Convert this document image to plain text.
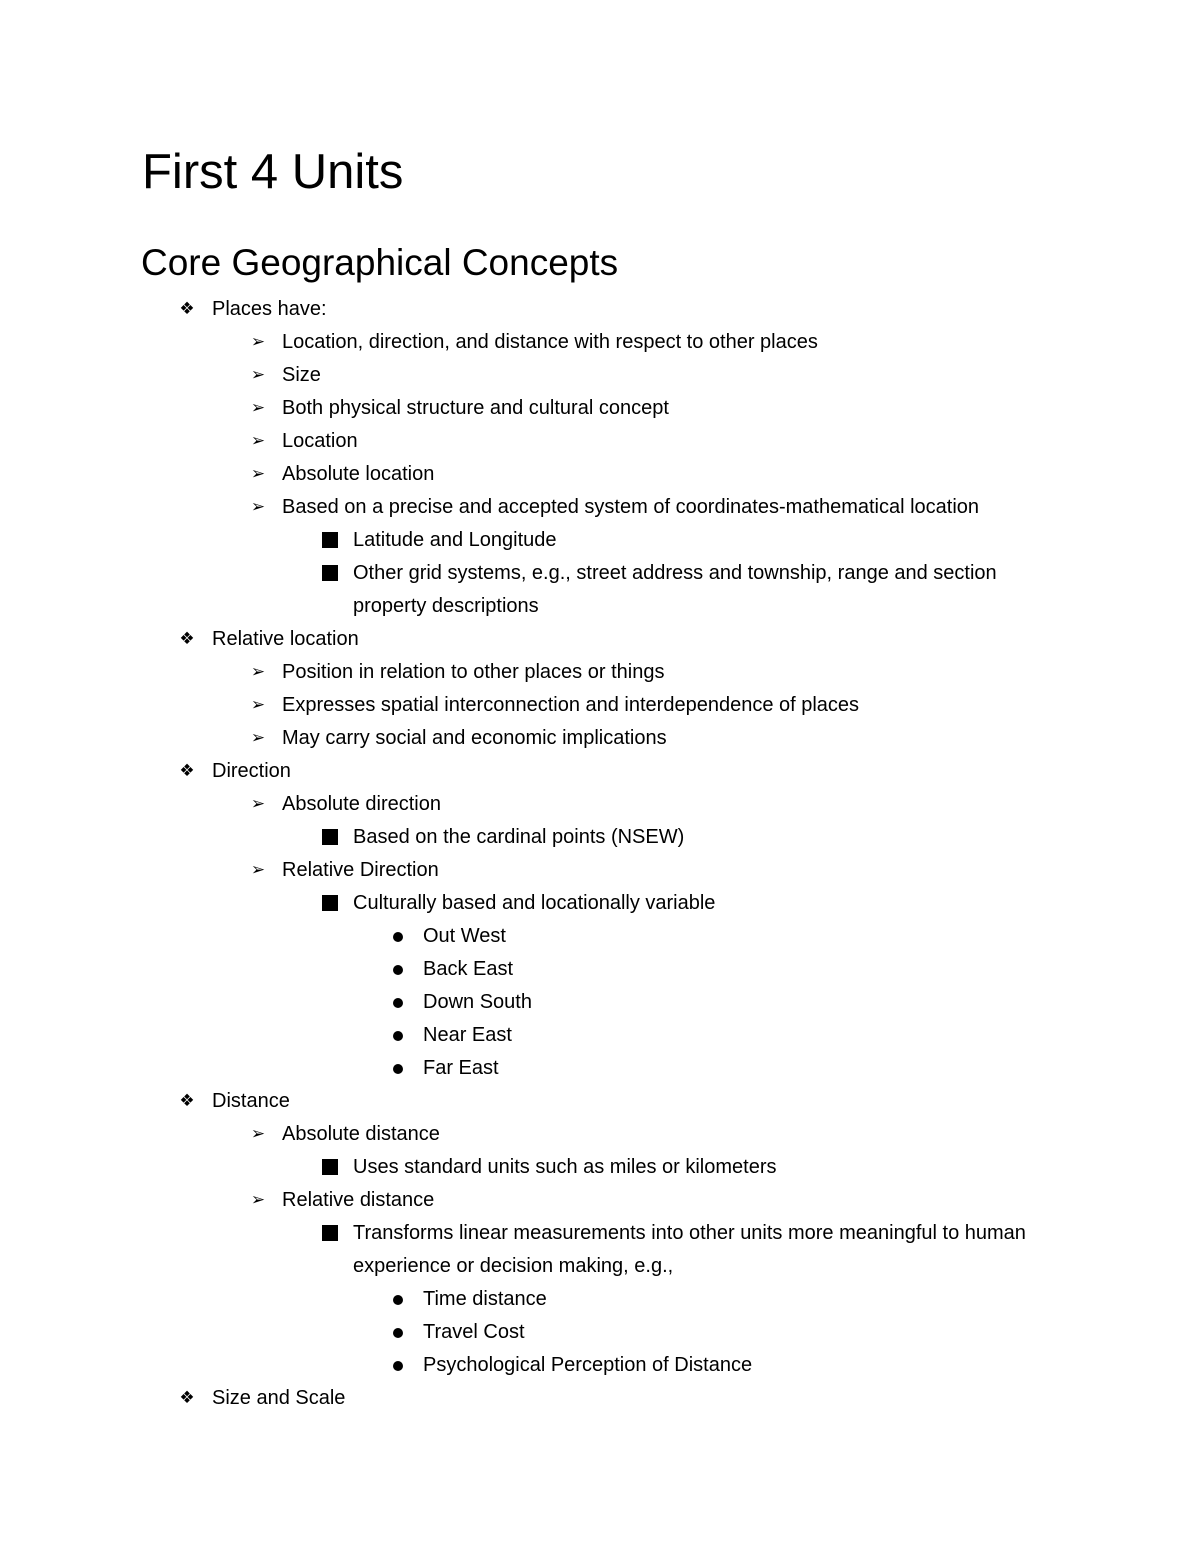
First 4 Units
Core Geographical Concepts
❖ Places have:
➢ Location, direction, and distance with respect to other places
➢ Size
➢ Both physical structure and cultural concept
➢ Location
➢ Absolute location
➢ Based on a precise and accepted system of coordinates-mathematical location
Latitude and Longitude
Other grid systems, e.g., street address and township, range and section property descriptions
❖ Relative location
➢ Position in relation to other places or things
➢ Expresses spatial interconnection and interdependence of places
➢ May carry social and economic implications
❖ Direction
➢ Absolute direction
Based on the cardinal points (NSEW)
➢ Relative Direction
Culturally based and locationally variable
Out West
Back East
Down South
Near East
Far East
❖ Distance
➢ Absolute distance
Uses standard units such as miles or kilometers
➢ Relative distance
Transforms linear measurements into other units more meaningful to human experience or decision making, e.g.,
Time distance
Travel Cost
Psychological Perception of Distance
❖ Size and Scale
